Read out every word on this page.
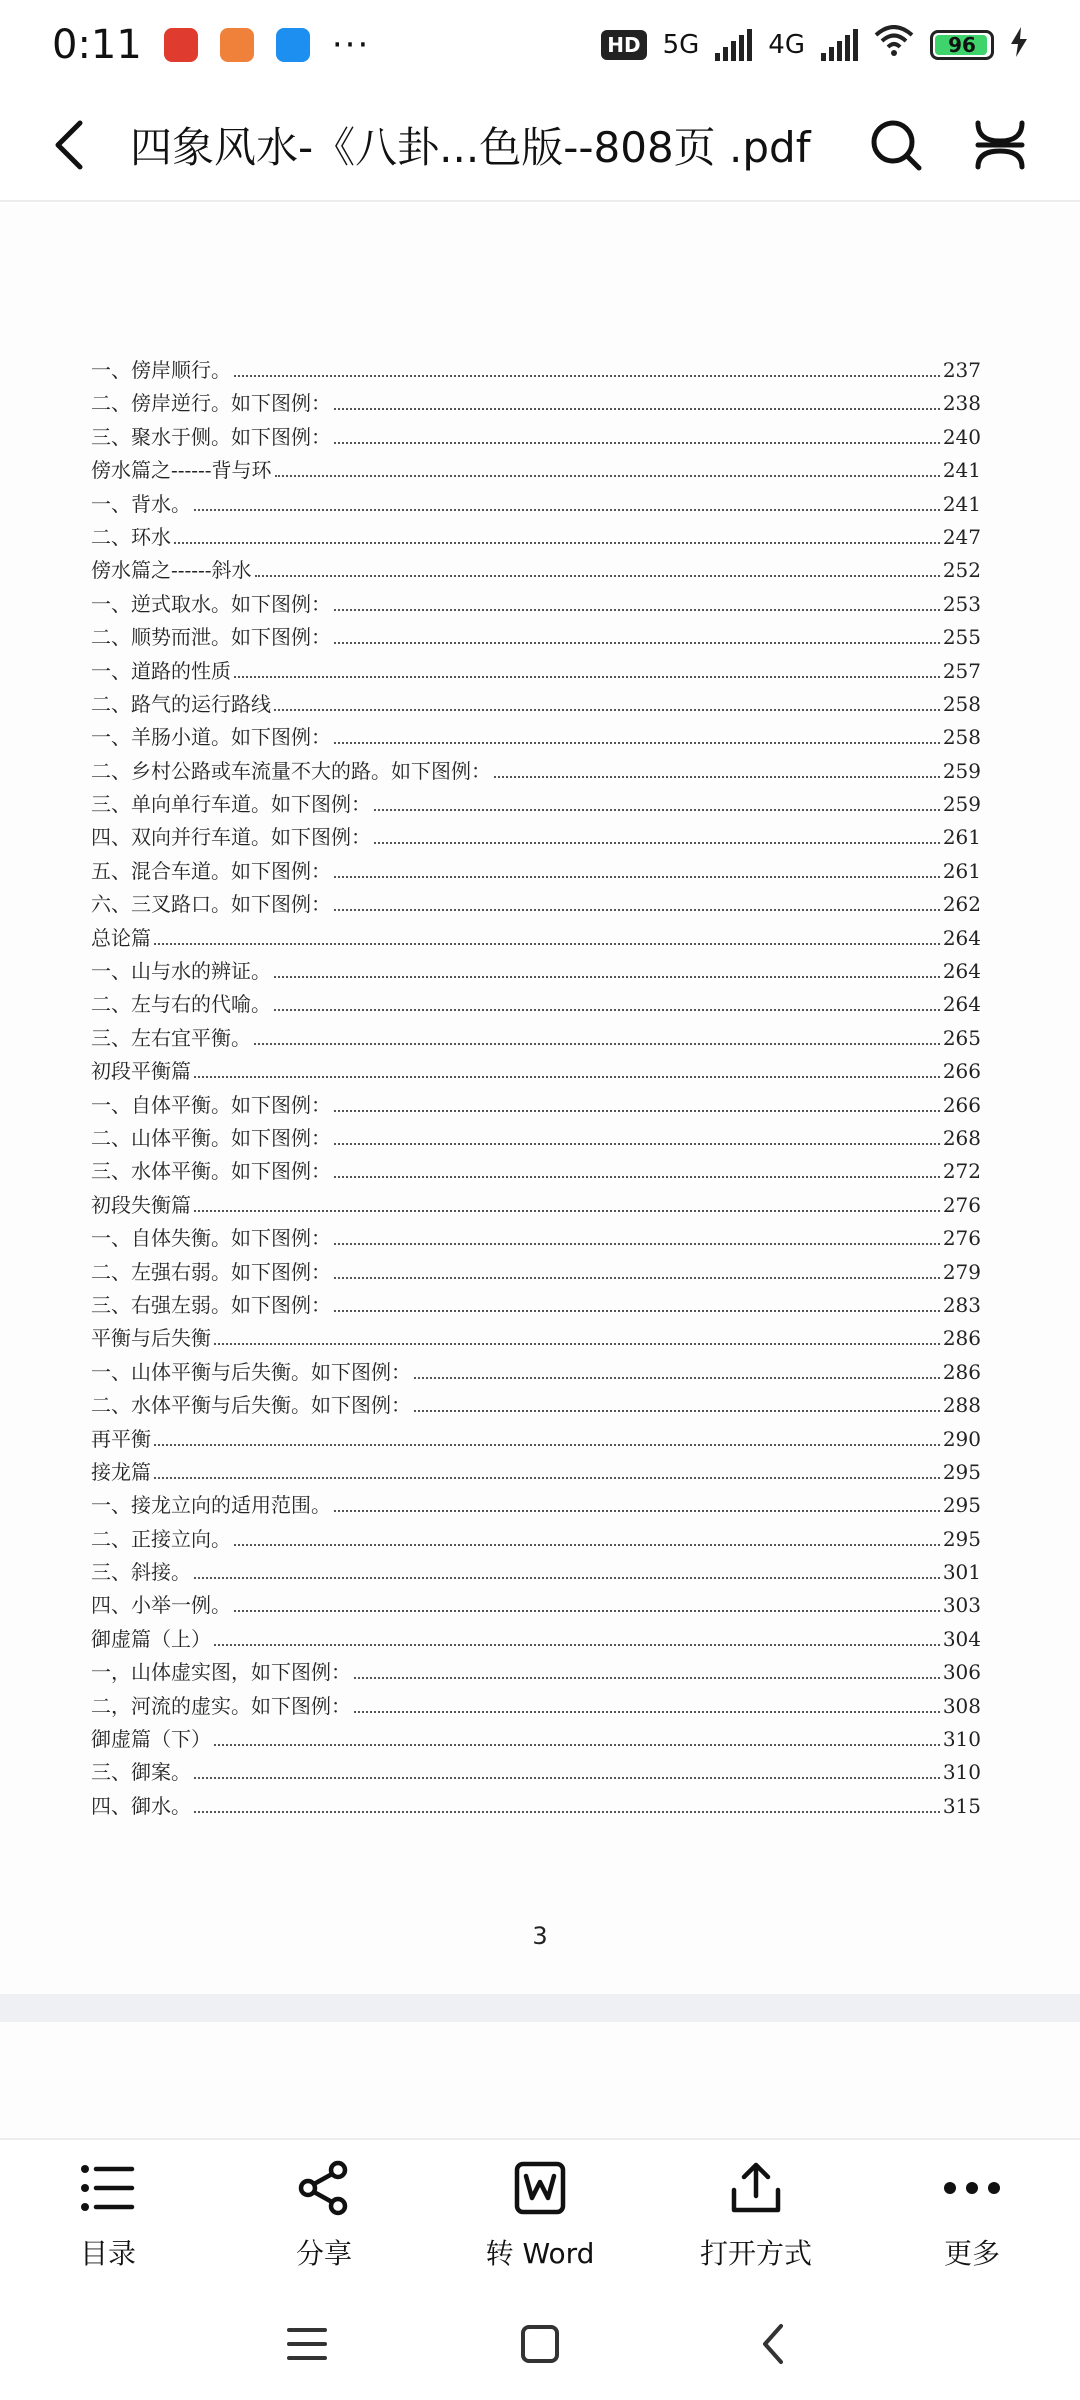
0:11	···	HD 5G	4G	96
四象风水-《八卦...色版--808页 .pdf
一、傍岸顺行。	237
二、傍岸逆行。如下图例：	238
三、聚水于侧。如下图例：	240
傍水篇之------背与环	241
一、背水。	241
二、环水	247
傍水篇之------斜水	252
一、逆式取水。如下图例：	253
二、顺势而泄。如下图例：	255
一、道路的性质	257
二、路气的运行路线	258
一、羊肠小道。如下图例：	258
二、乡村公路或车流量不大的路。如下图例：	259
三、单向单行车道。如下图例：	259
四、双向并行车道。如下图例：	261
五、混合车道。如下图例：	261
六、三叉路口。如下图例：	262
总论篇	264
一、山与水的辨证。	264
二、左与右的代喻。	264
三、左右宜平衡。	265
初段平衡篇	266
一、自体平衡。如下图例：	266
二、山体平衡。如下图例：	268
三、水体平衡。如下图例：	272
初段失衡篇	276
一、自体失衡。如下图例：	276
二、左强右弱。如下图例：	279
三、右强左弱。如下图例：	283
平衡与后失衡	286
一、山体平衡与后失衡。如下图例：	286
二、水体平衡与后失衡。如下图例：	288
再平衡	290
接龙篇	295
一、接龙立向的适用范围。	295
二、正接立向。	295
三、斜接。	301
四、小举一例。	303
御虚篇（上）	304
一，山体虚实图，如下图例：	306
二，河流的虚实。如下图例：	308
御虚篇（下）	310
三、御案。	310
四、御水。	315
3
目录	分享	转 Word	打开方式	更多
